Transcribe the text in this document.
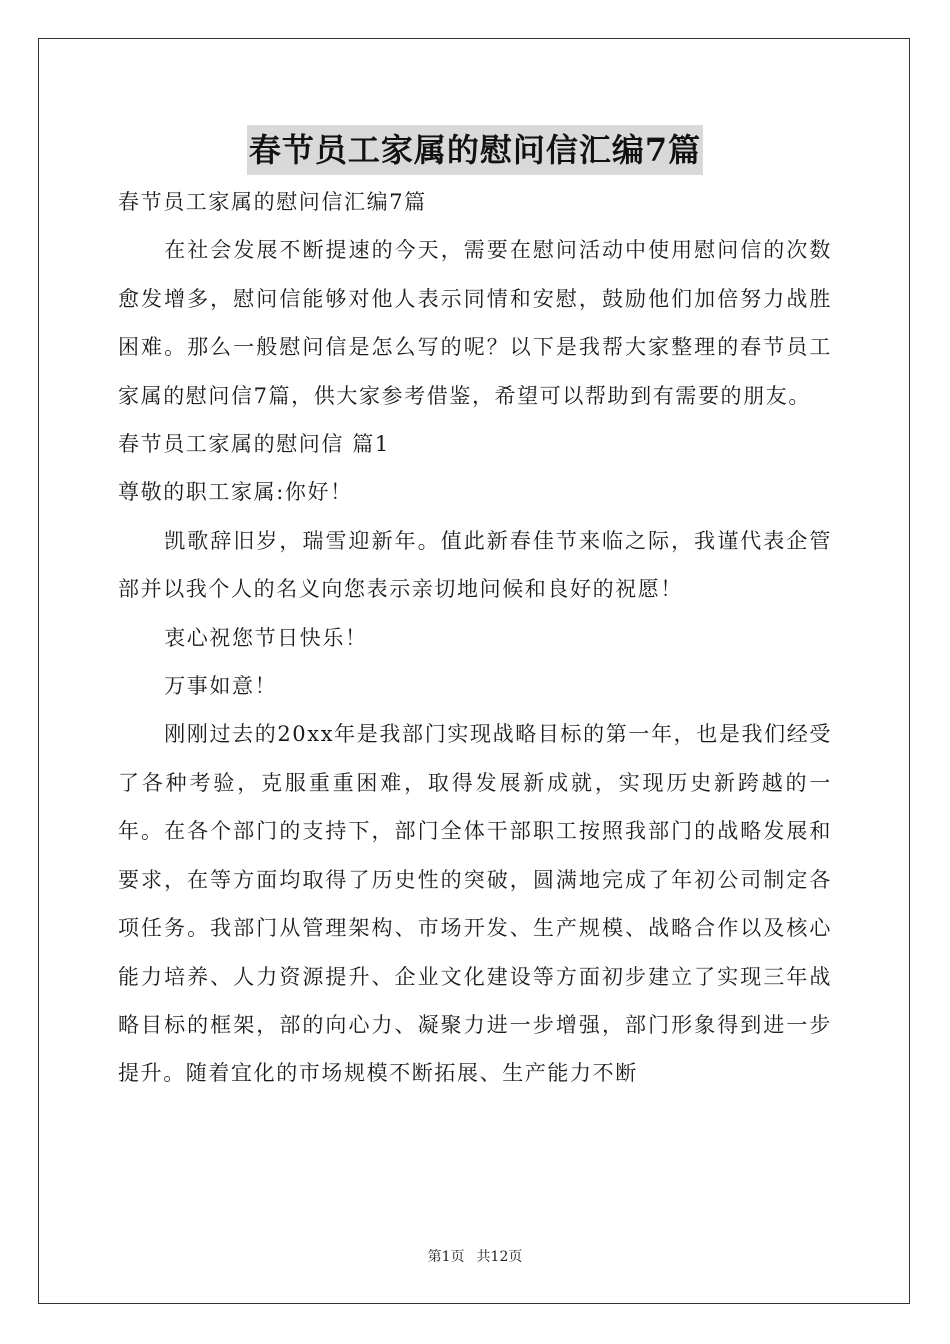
春节员工家属的慰问信汇编7篇

春节员工家属的慰问信汇编7篇

在社会发展不断提速的今天，需要在慰问活动中使用慰问信的次数愈发增多，慰问信能够对他人表示同情和安慰，鼓励他们加倍努力战胜困难。那么一般慰问信是怎么写的呢？以下是我帮大家整理的春节员工家属的慰问信7篇，供大家参考借鉴，希望可以帮助到有需要的朋友。

春节员工家属的慰问信 篇1

尊敬的职工家属:你好！

凯歌辞旧岁，瑞雪迎新年。值此新春佳节来临之际，我谨代表企管部并以我个人的名义向您表示亲切地问候和良好的祝愿！

衷心祝您节日快乐！

万事如意！

刚刚过去的20xx年是我部门实现战略目标的第一年，也是我们经受了各种考验，克服重重困难，取得发展新成就，实现历史新跨越的一年。在各个部门的支持下，部门全体干部职工按照我部门的战略发展和要求，在等方面均取得了历史性的突破，圆满地完成了年初公司制定各项任务。我部门从管理架构、市场开发、生产规模、战略合作以及核心能力培养、人力资源提升、企业文化建设等方面初步建立了实现三年战略目标的框架，部的向心力、凝聚力进一步增强，部门形象得到进一步提升。随着宜化的市场规模不断拓展、生产能力不断

第1页 共12页
